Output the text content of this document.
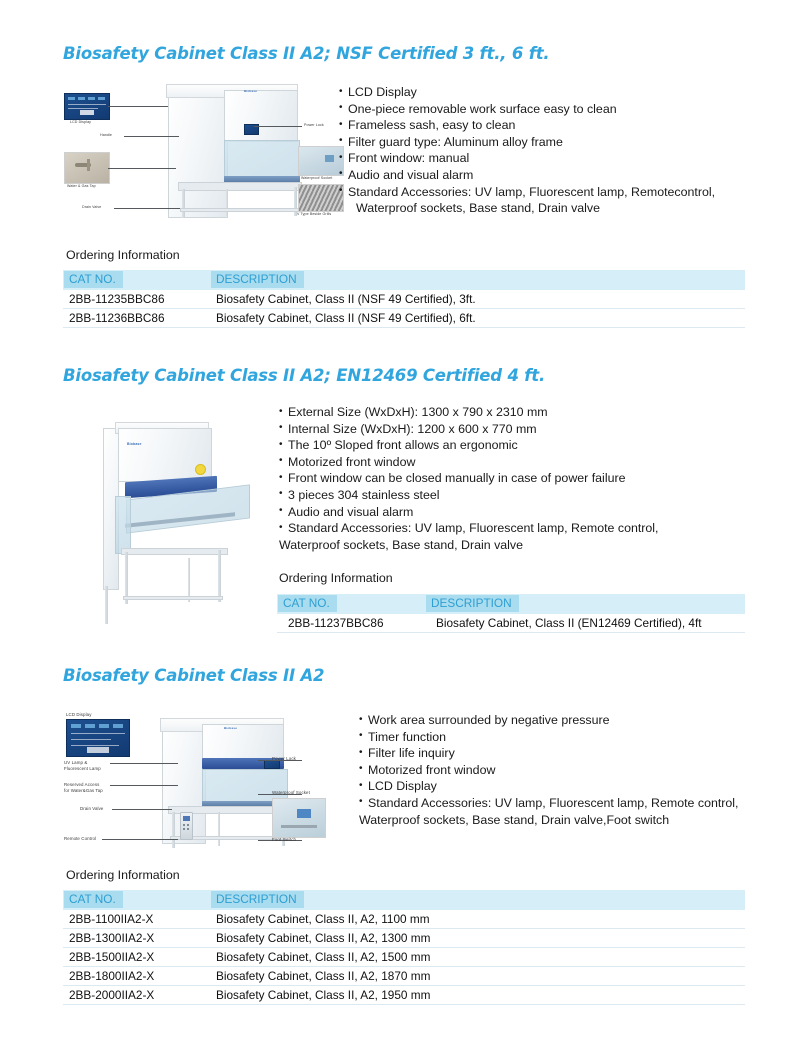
Biosafety Cabinet Class II A2; NSF Certified 3 ft., 6 ft.
Biobase
LCD Display
Handle
Water & Gas Tap
Drain Valve
Power Lock
Waterproof Socket
V Type Beside Grills
• LCD Display
• One-piece removable work surface easy to clean
• Frameless sash, easy to clean
• Filter guard type: Aluminum alloy frame
• Front window: manual
• Audio and visual alarm
• Standard Accessories: UV lamp, Fluorescent lamp, Remotecontrol,
Waterproof sockets, Base stand, Drain valve
Ordering Information
CAT NO.	DESCRIPTION
2BB-11235BBC86	Biosafety Cabinet, Class II (NSF 49 Certified), 3ft.
2BB-11236BBC86	Biosafety Cabinet, Class II (NSF 49 Certified), 6ft.
Biosafety Cabinet Class II A2; EN12469 Certified 4 ft.
Biobase
• External Size (WxDxH): 1300 x 790 x 2310 mm
• Internal Size (WxDxH): 1200 x 600 x 770 mm
• The 10º Sloped front allows an ergonomic
• Motorized front window
• Front window can be closed manually in case of power failure
• 3 pieces 304 stainless steel
• Audio and visual alarm
• Standard Accessories: UV lamp, Fluorescent lamp, Remote control,
Waterproof sockets, Base stand, Drain valve
Ordering Information
CAT NO.	DESCRIPTION
2BB-11237BBC86	Biosafety Cabinet, Class II (EN12469 Certified), 4ft
Biosafety Cabinet Class II A2
LCD Display
Biobase
UV Lamp &
Fluorescent Lamp
Reserved Access
for Water&Gas Tap
Drain Valve
Remote Control
Power Lock
Waterproof Socket
Foot Switch
• Work area surrounded by negative pressure
• Timer function
• Filter life inquiry
• Motorized front window
• LCD Display
• Standard Accessories: UV lamp, Fluorescent lamp, Remote control,
Waterproof sockets, Base stand, Drain valve,Foot switch
Ordering Information
CAT NO.	DESCRIPTION
2BB-1100IIA2-X	Biosafety Cabinet, Class II, A2, 1100 mm
2BB-1300IIA2-X	Biosafety Cabinet, Class II, A2, 1300 mm
2BB-1500IIA2-X	Biosafety Cabinet, Class II, A2, 1500 mm
2BB-1800IIA2-X	Biosafety Cabinet, Class II, A2, 1870 mm
2BB-2000IIA2-X	Biosafety Cabinet, Class II, A2, 1950 mm
